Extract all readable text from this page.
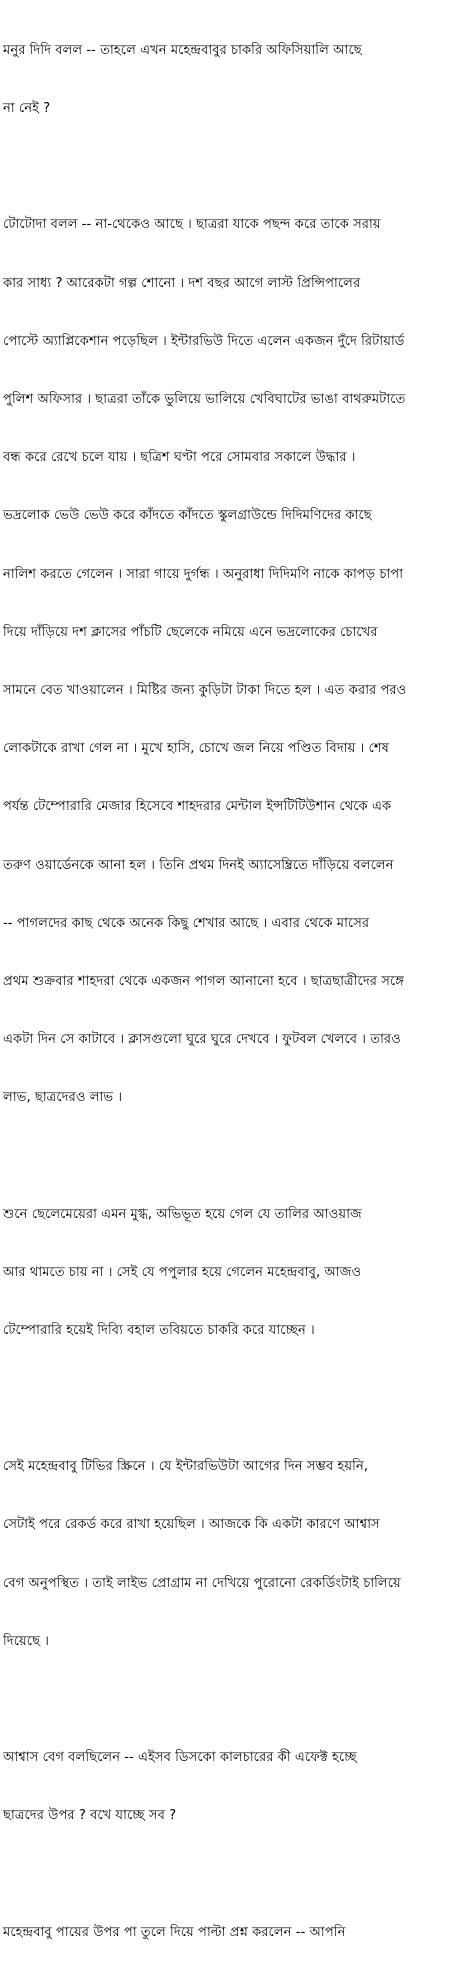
মনুর দিদি বলল -- তাহলে এখন মহেন্দ্রবাবুর চাকরি অফিসিয়ালি আছে

না নেই ?

টোটোদা বলল -- না-থেকেও আছে । ছাত্ররা যাকে পছন্দ করে তাকে সরায়

কার সাধ্য ? আরেকটা গল্প শোনো । দশ বছর আগে লাস্ট প্রিন্সিপালের

পোস্টে অ্যাপ্লিকেশান পড়েছিল । ইন্টারভিউ দিতে এলেন একজন দুঁদে রিটায়ার্ড

পুলিশ অফিসার । ছাত্ররা তাঁকে ভুলিয়ে ভালিয়ে খেবিঘাটের ভাঙা বাথরুমটাতে

বন্ধ করে রেখে চলে যায় । ছত্রিশ ঘণ্টা পরে সোমবার সকালে উদ্ধার ।

ভদ্রলোক ভেউ ভেউ করে কাঁদতে কাঁদতে স্কুলগ্রাউন্ডে দিদিমণিদের কাছে

নালিশ করতে গেলেন । সারা গায়ে দুর্গন্ধ । অনুরাধা দিদিমণি নাকে কাপড় চাপা

দিয়ে দাঁড়িয়ে দশ ক্লাসের পাঁচটি ছেলেকে নমিয়ে এনে ভদ্রলোকের চোখের

সামনে বেত খাওয়ালেন । মিষ্টির জন্য কুড়িটা টাকা দিতে হল । এত করার পরও

লোকটাকে রাখা গেল না । মুখে হাসি, চোখে জল নিয়ে পণ্ডিত বিদায় । শেষ

পর্যন্ত টেম্পোরারি মেজার হিসেবে শাহদরার মেন্টাল ইন্সটিটিউশান থেকে এক

তরুণ ওয়ার্ডেনকে আনা হল । তিনি প্রথম দিনই অ্যাসেম্ব্রিতে দাঁড়িয়ে বললেন

-- পাগলদের কাছ থেকে অনেক কিছু শেখার আছে । এবার থেকে মাসের

প্রথম শুক্রবার শাহদরা থেকে একজন পাগল আনানো হবে । ছাত্রছাত্রীদের সঙ্গে

একটা দিন সে কাটাবে । ক্লাসগুলো ঘুরে ঘুরে দেখবে । ফুটবল খেলবে । তারও

লাভ, ছাত্রদেরও লাভ ।

শুনে ছেলেমেয়েরা এমন মুগ্ধ, অভিভূত হয়ে গেল যে তালির আওয়াজ

আর থামতে চায় না । সেই যে পপুলার হয়ে গেলেন মহেন্দ্রবাবু, আজও

টেম্পোরারি হয়েই দিব্যি বহাল তবিয়তে চাকরি করে যাচ্ছেন ।

সেই মহেন্দ্রবাবু টিভির স্ক্রিনে । যে ইন্টারভিউটা আগের দিন সম্ভব হয়নি,

সেটাই পরে রেকর্ড করে রাখা হয়েছিল । আজকে কি একটা কারণে আশ্বাস

বেগ অনুপস্থিত । তাই লাইভ প্রোগ্রাম না দেখিয়ে পুরোনো রেকর্ডিংটাই চালিয়ে

দিয়েছে ।

আশ্বাস বেগ বলছিলেন -- এইসব ডিসকো কালচারের কী এফেক্ট হচ্ছে

ছাত্রদের উপর ? বখে যাচ্ছে সব ?

মহেন্দ্রবাবু পায়ের উপর পা তুলে দিয়ে পাল্টা প্রশ্ন করলেন -- আপনি
